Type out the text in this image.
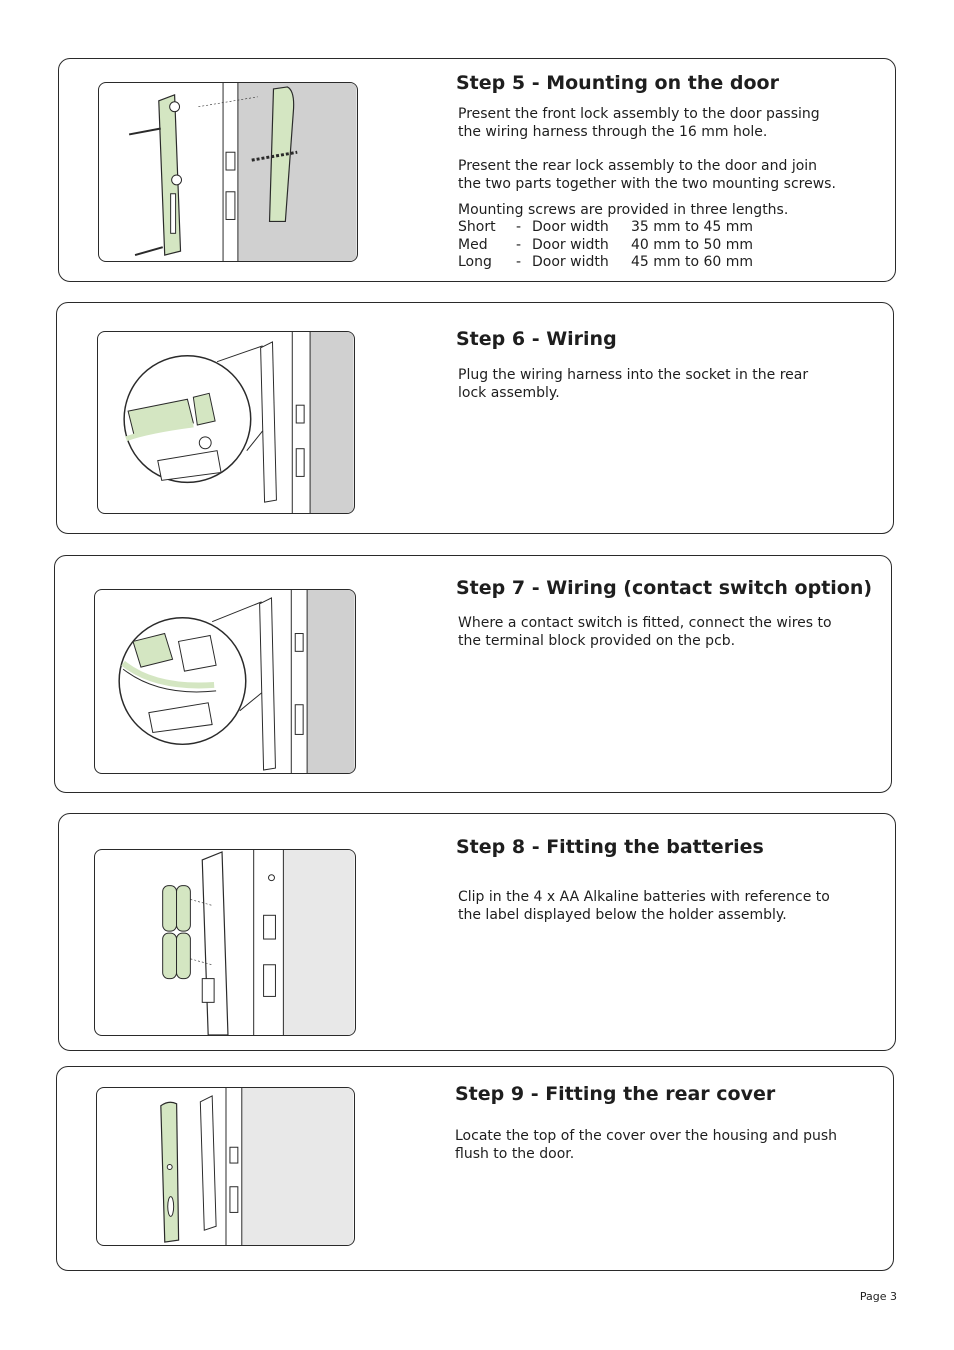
Step 5 - Mounting on the door

Present the front lock assembly to the door passing
the wiring harness through the 16 mm hole.

Present the rear lock assembly to the door and join
the two parts together with the two mounting screws.

Mounting screws are provided in three lengths.

Short	-	Door width	35 mm to 45 mm
Med	-	Door width	40 mm to 50 mm
Long	-	Door width	45 mm to 60 mm
Step 6 - Wiring

Plug the wiring harness into the socket in the rear
lock assembly.

Step 7 - Wiring (contact switch option)

Where a contact switch is fitted, connect the wires to
the terminal block provided on the pcb.

Step 8 - Fitting the batteries

Clip in the 4 x AA Alkaline batteries with reference to
the label displayed below the holder assembly.

Step 9 - Fitting the rear cover

Locate the top of the cover over the housing and push
flush to the door.

Page 3
